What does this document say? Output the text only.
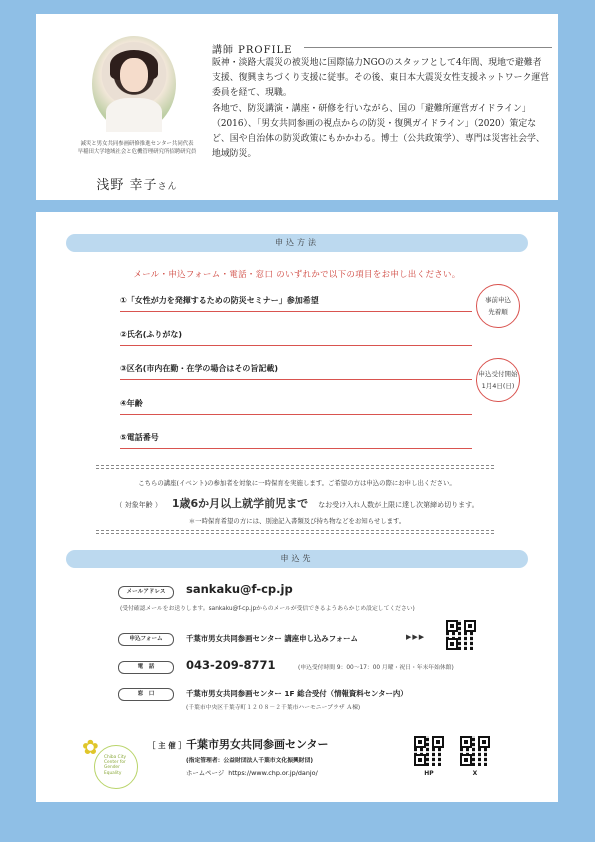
減災と男女共同参画研修推進センター共同代表
早稲田大学地域社会と危機管理研究所招聘研究員
浅野 幸子さん
講師 PROFILE
阪神・淡路大震災の被災地に国際協力NGOのスタッフとして4年間、現地で避難者支援、復興まちづくり支援に従事。その後、東日本大震災女性支援ネットワーク運営委員を経て、現職。
各地で、防災講演・講座・研修を行いながら、国の「避難所運営ガイドライン」（2016）、「男女共同参画の視点からの防災・復興ガイドライン」（2020）策定など、国や自治体の防災政策にもかかわる。博士（公共政策学）、専門は災害社会学、地域防災。
申込方法
メール・申込フォーム・電話・窓口 のいずれかで以下の項目をお申し出ください。
①「女性が力を発揮するための防災セミナー」参加希望
②氏名(ふりがな)
③区名(市内在勤・在学の場合はその旨記載)
④年齢
⑤電話番号
事前申込
先着順
申込受付開始
1月4日(日)
こちらの講座(イベント)の参加者を対象に一時保育を実施します。ご希望の方は申込の際にお申し出ください。
（ 対象年齢 ） 1歳6か月以上就学前児まで なお受け入れ人数が上限に達し次第締め切ります。
＊一時保育希望の方には、別途記入書類及び持ち物などをお知らせします。
申込先
メールアドレス	sankaku@f-cp.jp
(受付確認メールをお送りします。sankaku@f-cp.jpからのメールが受信できるようあらかじめ設定してください)
申込フォーム	千葉市男女共同参画センター 講座申し込みフォーム	▶▶▶
電　話	043-209-8771	(申込受付時間 9：00～17：00 月曜・祝日・年末年始休館)
窓　口	千葉市男女共同参画センター 1F 総合受付（情報資料センター内）
(千葉市中央区千葉寺町１２０８－２千葉市ハーモニープラザ Ａ棟)
✿ Chiba City Center for Gender Equality
［ 主 催 ］ 千葉市男女共同参画センター
(指定管理者：公益財団法人千葉市文化振興財団)
ホームページ https://www.chp.or.jp/danjo/	HP	X
